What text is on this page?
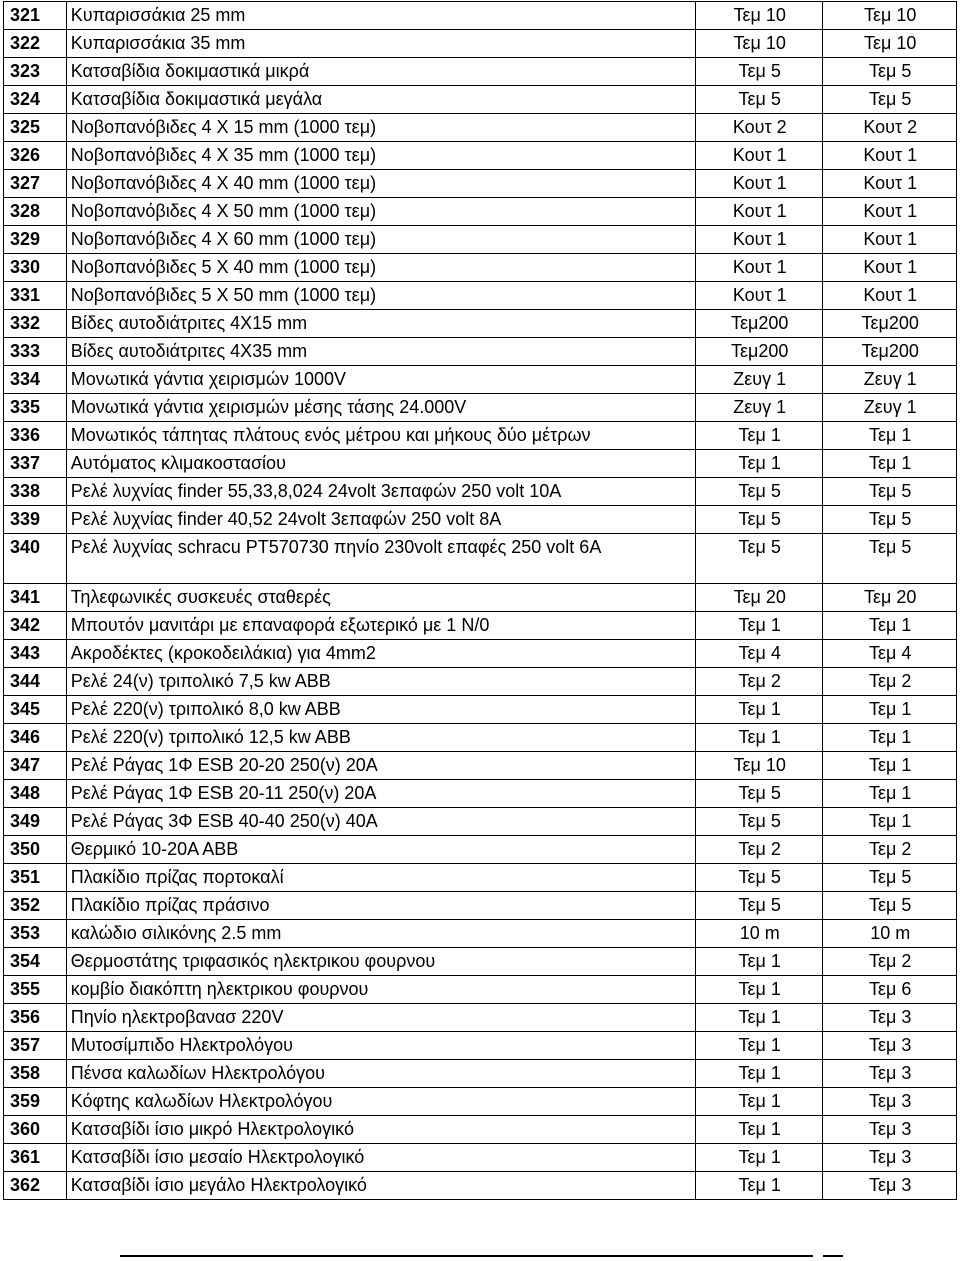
321	Κυπαρισσάκια 25 mm	Τεμ 10	Τεμ 10
322	Κυπαρισσάκια 35 mm	Τεμ 10	Τεμ 10
323	Κατσαβίδια δοκιμαστικά μικρά	Τεμ 5	Τεμ 5
324	Κατσαβίδια δοκιμαστικά μεγάλα	Τεμ 5	Τεμ 5
325	Νοβοπανόβιδες 4 Χ 15 mm (1000 τεμ)	Κουτ 2	Κουτ 2
326	Νοβοπανόβιδες 4 Χ 35 mm (1000 τεμ)	Κουτ 1	Κουτ 1
327	Νοβοπανόβιδες 4 Χ 40 mm (1000 τεμ)	Κουτ 1	Κουτ 1
328	Νοβοπανόβιδες 4 Χ 50 mm (1000 τεμ)	Κουτ 1	Κουτ 1
329	Νοβοπανόβιδες 4 Χ 60 mm (1000 τεμ)	Κουτ 1	Κουτ 1
330	Νοβοπανόβιδες 5 Χ 40 mm (1000 τεμ)	Κουτ 1	Κουτ 1
331	Νοβοπανόβιδες 5 Χ 50 mm (1000 τεμ)	Κουτ 1	Κουτ 1
332	Βίδες αυτοδιάτριτες 4Χ15 mm	Τεμ200	Τεμ200
333	Βίδες αυτοδιάτριτες 4Χ35 mm	Τεμ200	Τεμ200
334	Μονωτικά γάντια χειρισμών 1000V	Ζευγ 1	Ζευγ 1
335	Μονωτικά γάντια χειρισμών μέσης τάσης 24.000V	Ζευγ 1	Ζευγ 1
336	Μονωτικός τάπητας πλάτους ενός μέτρου και μήκους δύο μέτρων	Τεμ 1	Τεμ 1
337	Αυτόματος κλιμακοστασίου	Τεμ 1	Τεμ 1
338	Ρελέ λυχνίας finder 55,33,8,024 24volt 3επαφών 250 volt 10A	Τεμ 5	Τεμ 5
339	Ρελέ λυχνίας finder 40,52 24volt 3επαφών 250 volt 8A	Τεμ 5	Τεμ 5
340	Ρελέ λυχνίας schracu PT570730 πηνίο 230volt επαφές 250 volt 6A	Τεμ 5	Τεμ 5
341	Τηλεφωνικές συσκευές σταθερές	Τεμ 20	Τεμ 20
342	Μπουτόν μανιτάρι με επαναφορά εξωτερικό με 1 Ν/0	Τεμ 1	Τεμ 1
343	Ακροδέκτες (κροκοδειλάκια) για 4mm2	Τεμ 4	Τεμ 4
344	Ρελέ 24(ν) τριπολικό 7,5 kw ABB	Τεμ 2	Τεμ 2
345	Ρελέ 220(ν) τριπολικό 8,0 kw ABB	Τεμ 1	Τεμ 1
346	Ρελέ 220(ν) τριπολικό 12,5 kw ABB	Τεμ 1	Τεμ 1
347	Ρελέ Ράγας 1Φ ESB 20-20 250(ν) 20A	Τεμ 10	Τεμ 1
348	Ρελέ Ράγας 1Φ ESB 20-11 250(ν) 20A	Τεμ 5	Τεμ 1
349	Ρελέ Ράγας 3Φ ESB 40-40 250(ν) 40A	Τεμ 5	Τεμ 1
350	Θερμικό 10-20A ABB	Τεμ 2	Τεμ 2
351	Πλακίδιο πρίζας πορτοκαλί	Τεμ 5	Τεμ 5
352	Πλακίδιο πρίζας πράσινο	Τεμ 5	Τεμ 5
353	καλώδιο σιλικόνης 2.5 mm	10 m	10 m
354	Θερμοστάτης τριφασικός ηλεκτρικου φουρνου	Τεμ 1	Τεμ 2
355	κομβίο διακόπτη ηλεκτρικου φουρνου	Τεμ 1	Τεμ 6
356	Πηνίο ηλεκτροβανασ 220V	Τεμ 1	Τεμ 3
357	Μυτοσίμπιδο Ηλεκτρολόγου	Τεμ 1	Τεμ 3
358	Πένσα καλωδίων Ηλεκτρολόγου	Τεμ 1	Τεμ 3
359	Κόφτης καλωδίων Ηλεκτρολόγου	Τεμ 1	Τεμ 3
360	Κατσαβίδι ίσιο μικρό Ηλεκτρολογικό	Τεμ 1	Τεμ 3
361	Κατσαβίδι ίσιο μεσαίο Ηλεκτρολογικό	Τεμ 1	Τεμ 3
362	Κατσαβίδι ίσιο μεγάλο Ηλεκτρολογικό	Τεμ 1	Τεμ 3
